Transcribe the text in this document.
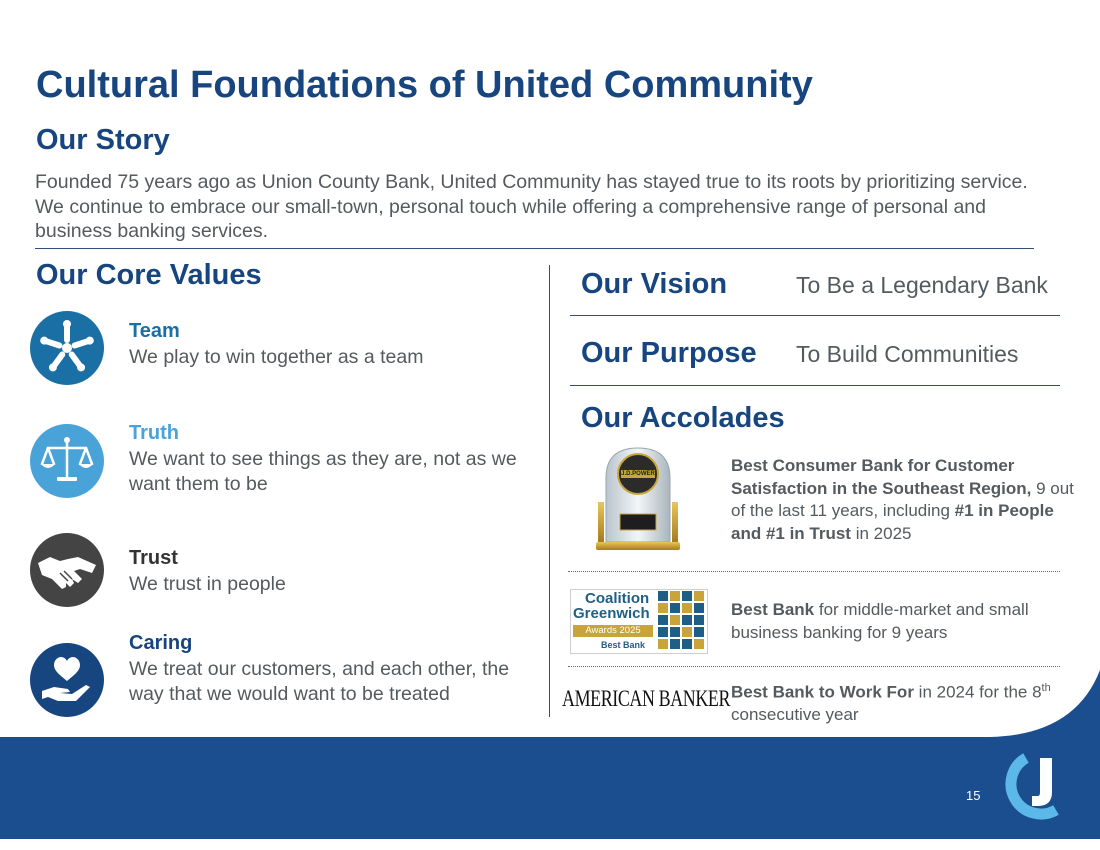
Cultural Foundations of United Community
Our Story
Founded 75 years ago as Union County Bank, United Community has stayed true to its roots by prioritizing service. We continue to embrace our small-town, personal touch while offering a comprehensive range of personal and business banking services.
Our Core Values
Team
We play to win together as a team
Truth
We want to see things as they are, not as we want them to be
Trust
We trust in people
Caring
We treat our customers, and each other, the way that we would want to be treated
Our Vision	To Be a Legendary Bank
Our Purpose To Build Communities
Our Accolades
J.D.POWER	Best Consumer Bank for Customer Satisfaction in the Southeast Region, 9 out of the last 11 years, including #1 in People and #1 in Trust in 2025
Coalition
Greenwich
Awards 2025
Best Bank
Best Bank for middle-market and small business banking for 9 years
AMERICAN BANKER Best Bank to Work For in 2024 for the 8th consecutive year
15
